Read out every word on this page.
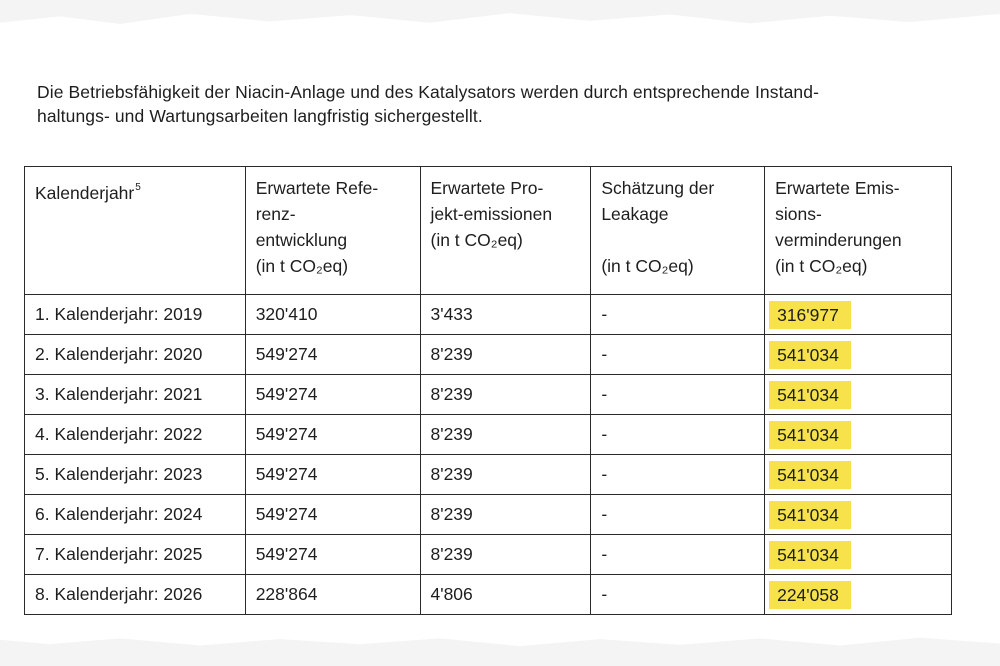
Die Betriebsfähigkeit der Niacin-Anlage und des Katalysators werden durch entsprechende Instand-

haltungs- und Wartungsarbeiten langfristig sichergestellt.

Kalenderjahr$^5$	Erwartete Refe-
renz-
entwicklung
(in t CO₂eq)	Erwartete Pro-
jekt-emissionen
(in t CO₂eq)	Schätzung der
Leakage
(in t CO₂eq)	Erwartete Emis-
sions-
verminderungen
(in t CO₂eq)

1. Kalenderjahr: 2019	320'410	3'433	-	316'977
2. Kalenderjahr: 2020	549'274	8'239	-	541'034
3. Kalenderjahr: 2021	549'274	8'239	-	541'034
4. Kalenderjahr: 2022	549'274	8'239	-	541'034
5. Kalenderjahr: 2023	549'274	8'239	-	541'034
6. Kalenderjahr: 2024	549'274	8'239	-	541'034
7. Kalenderjahr: 2025	549'274	8'239	-	541'034
8. Kalenderjahr: 2026	228'864	4'806	-	224'058
